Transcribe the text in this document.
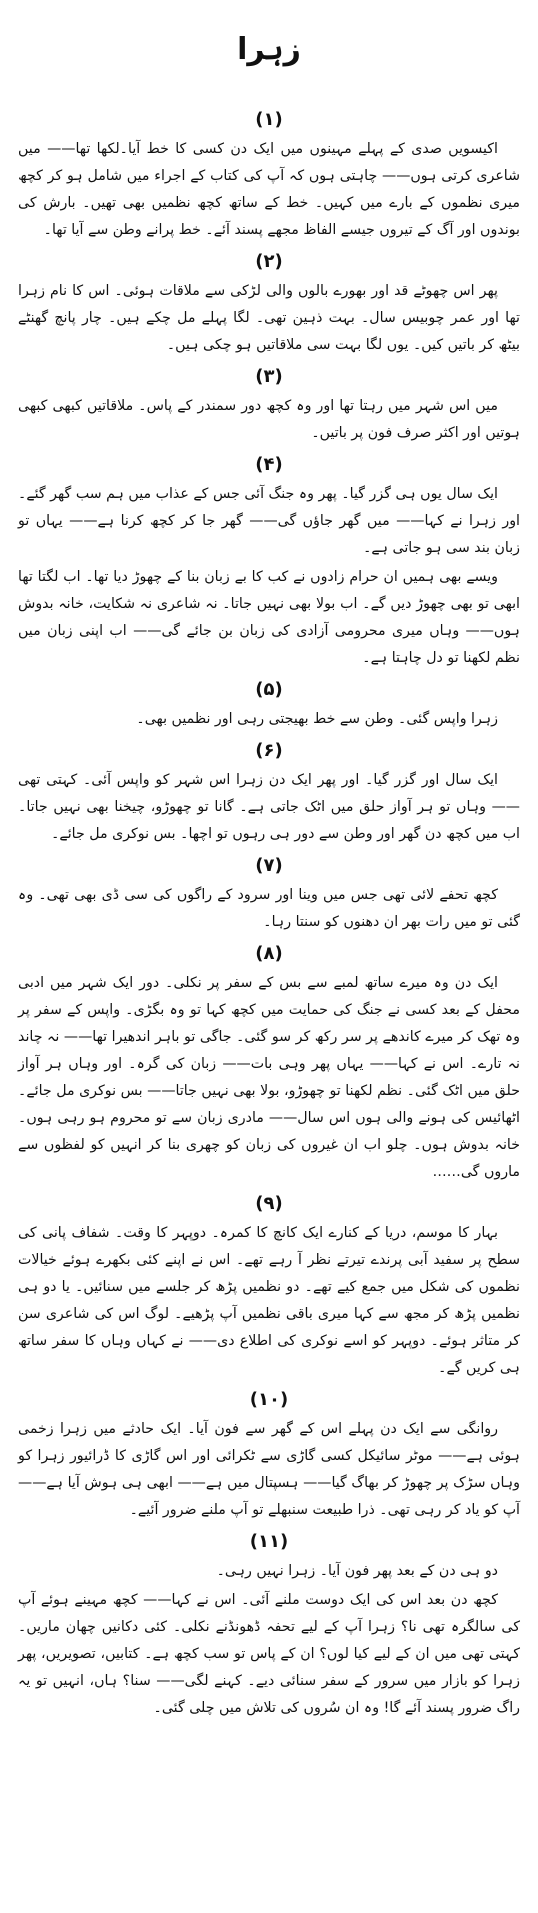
زہرا
(۱)

اکیسویں صدی کے پہلے مہینوں میں ایک دن کسی کا خط آیا۔لکھا تھا—— میں شاعری کرتی ہوں—— چاہتی ہوں کہ آپ کی کتاب کے اجراء میں شامل ہو کر کچھ میری نظموں کے بارے میں کہیں۔ خط کے ساتھ کچھ نظمیں بھی تھیں۔ بارش کی بوندوں اور آگ کے تیروں جیسے الفاظ مجھے پسند آئے۔ خط پرانے وطن سے آیا تھا۔

(۲)

پھر اس چھوٹے قد اور بھورے بالوں والی لڑکی سے ملاقات ہوئی۔ اس کا نام زہرا تھا اور عمر چوبیس سال۔ بہت ذہین تھی۔ لگا پہلے مل چکے ہیں۔ چار پانچ گھنٹے بیٹھ کر باتیں کیں۔ یوں لگا بہت سی ملاقاتیں ہو چکی ہیں۔

(۳)

میں اس شہر میں رہتا تھا اور وہ کچھ دور سمندر کے پاس۔ ملاقاتیں کبھی کبھی ہوتیں اور اکثر صرف فون پر باتیں۔

(۴)

ایک سال یوں ہی گزر گیا۔ پھر وہ جنگ آئی جس کے عذاب میں ہم سب گھر گئے۔ اور زہرا نے کہا—— میں گھر جاؤں گی—— گھر جا کر کچھ کرنا ہے—— یہاں تو زبان بند سی ہو جاتی ہے۔

ویسے بھی ہمیں ان حرام زادوں نے کب کا بے زبان بنا کے چھوڑ دیا تھا۔ اب لگتا تھا ابھی تو بھی چھوڑ دیں گے۔ اب بولا بھی نہیں جاتا۔ نہ شاعری نہ شکایت، خانہ بدوش ہوں—— وہاں میری محرومی آزادی کی زبان بن جائے گی—— اب اپنی زبان میں نظم لکھنا تو دل چاہتا ہے۔

(۵)

زہرا واپس گئی۔ وطن سے خط بھیجتی رہی اور نظمیں بھی۔

(۶)

ایک سال اور گزر گیا۔ اور پھر ایک دن زہرا اس شہر کو واپس آئی۔ کہتی تھی—— وہاں تو ہر آواز حلق میں اٹک جاتی ہے۔ گانا تو چھوڑو، چیخنا بھی نہیں جاتا۔ اب میں کچھ دن گھر اور وطن سے دور ہی رہوں تو اچھا۔ بس نوکری مل جائے۔

(۷)

کچھ تحفے لائی تھی جس میں وینا اور سرود کے راگوں کی سی ڈی بھی تھی۔ وہ گئی تو میں رات بھر ان دھنوں کو سنتا رہا۔

(۸)

ایک دن وہ میرے ساتھ لمبے سے بس کے سفر پر نکلی۔ دور ایک شہر میں ادبی محفل کے بعد کسی نے جنگ کی حمایت میں کچھ کہا تو وہ بگڑی۔ واپس کے سفر پر وہ تھک کر میرے کاندھے پر سر رکھ کر سو گئی۔ جاگی تو باہر اندھیرا تھا—— نہ چاند نہ تارے۔ اس نے کہا—— یہاں پھر وہی بات—— زبان کی گرہ۔ اور وہاں ہر آواز حلق میں اٹک گئی۔ نظم لکھنا تو چھوڑو، بولا بھی نہیں جاتا—— بس نوکری مل جائے۔ اٹھائیس کی ہونے والی ہوں اس سال—— مادری زبان سے تو محروم ہو رہی ہوں۔ خانہ بدوش ہوں۔ چلو اب ان غیروں کی زبان کو چھری بنا کر انہیں کو لفظوں سے ماروں گی……

(۹)

بہار کا موسم، دریا کے کنارے ایک کانچ کا کمرہ۔ دوپہر کا وقت۔ شفاف پانی کی سطح پر سفید آبی پرندے تیرتے نظر آ رہے تھے۔ اس نے اپنے کئی بکھرے ہوئے خیالات نظموں کی شکل میں جمع کیے تھے۔ دو نظمیں پڑھ کر جلسے میں سنائیں۔ یا دو ہی نظمیں پڑھ کر مجھ سے کہا میری باقی نظمیں آپ پڑھیے۔ لوگ اس کی شاعری سن کر متاثر ہوئے۔ دوپہر کو اسے نوکری کی اطلاع دی—— نے کہاں وہاں کا سفر ساتھ ہی کریں گے۔

(۱۰)

روانگی سے ایک دن پہلے اس کے گھر سے فون آیا۔ ایک حادثے میں زہرا زخمی ہوئی ہے—— موٹر سائیکل کسی گاڑی سے ٹکرائی اور اس گاڑی کا ڈرائیور زہرا کو وہاں سڑک پر چھوڑ کر بھاگ گیا—— ہسپتال میں ہے—— ابھی ہی ہوش آیا ہے—— آپ کو یاد کر رہی تھی۔ ذرا طبیعت سنبھلے تو آپ ملنے ضرور آئیے۔

(۱۱)

دو ہی دن کے بعد پھر فون آیا۔ زہرا نہیں رہی۔

کچھ دن بعد اس کی ایک دوست ملنے آئی۔ اس نے کہا—— کچھ مہینے ہوئے آپ کی سالگرہ تھی نا؟ زہرا آپ کے لیے تحفہ ڈھونڈنے نکلی۔ کئی دکانیں چھان ماریں۔ کہتی تھی میں ان کے لیے کیا لوں؟ ان کے پاس تو سب کچھ ہے۔ کتابیں، تصویریں، پھر زہرا کو بازار میں سرور کے سفر سنائی دیے۔ کہنے لگی—— سنا؟ ہاں، انہیں تو یہ راگ ضرور پسند آئے گا! وہ ان سُروں کی تلاش میں چلی گئی۔
